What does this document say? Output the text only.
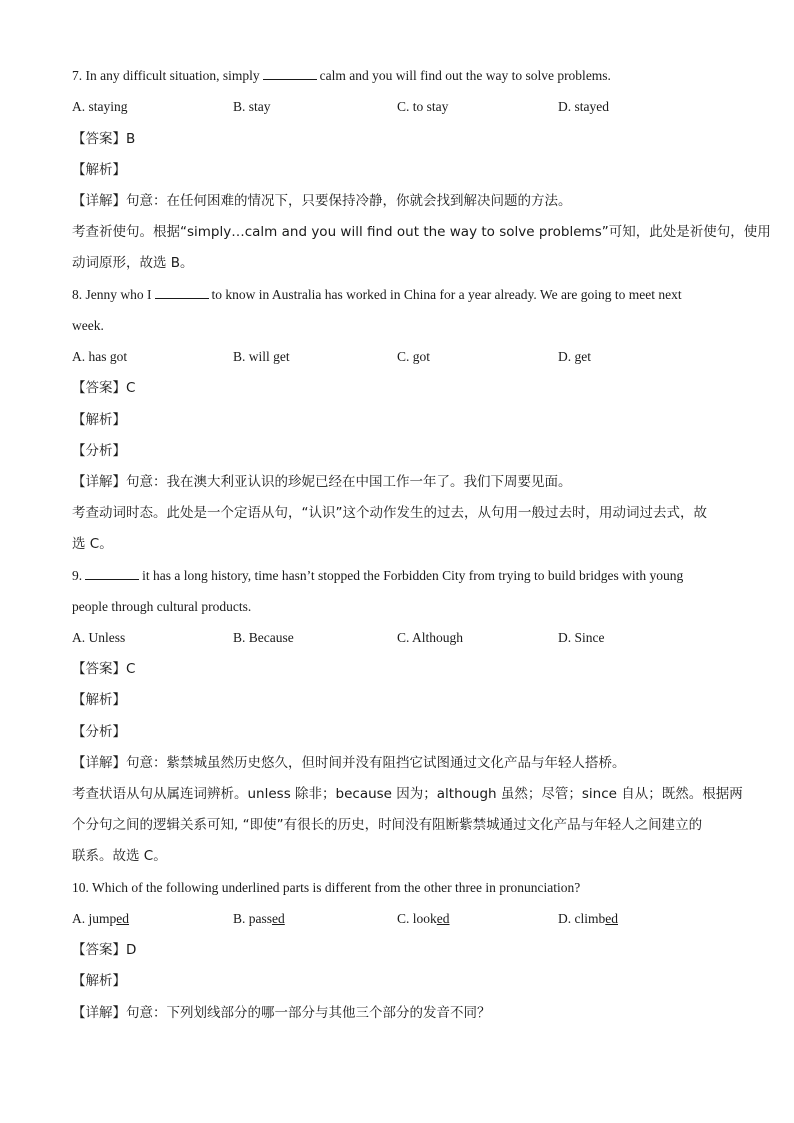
7. In any difficult situation, simply	calm and you will find out the way to solve problems.
A. staying	B. stay	C. to stay	D. stayed
【答案】B
【解析】
【详解】句意：在任何困难的情况下，只要保持冷静，你就会找到解决问题的方法。
考查祈使句。根据“simply…calm and you will find out the way to solve problems”可知，此处是祈使句，使用
动词原形，故选 B。
8. Jenny who I	to know in Australia has worked in China for a year already. We are going to meet next
week.
A. has got	B. will get	C. got	D. get
【答案】C
【解析】
【分析】
【详解】句意：我在澳大利亚认识的珍妮已经在中国工作一年了。我们下周要见面。
考查动词时态。此处是一个定语从句，“认识”这个动作发生的过去，从句用一般过去时，用动词过去式，故
选 C。
9.	it has a long history, time hasn’t stopped the Forbidden City from trying to build bridges with young
people through cultural products.
A. Unless	B. Because	C. Although	D. Since
【答案】C
【解析】
【分析】
【详解】句意：紫禁城虽然历史悠久，但时间并没有阻挡它试图通过文化产品与年轻人搭桥。
考查状语从句从属连词辨析。unless 除非；because 因为；although 虽然；尽管；since 自从；既然。根据两
个分句之间的逻辑关系可知, “即使”有很长的历史，时间没有阻断紫禁城通过文化产品与年轻人之间建立的
联系。故选 C。
10. Which of the following underlined parts is different from the other three in pronunciation?
A. jumped	B. passed	C. looked	D. climbed
【答案】D
【解析】
【详解】句意：下列划线部分的哪一部分与其他三个部分的发音不同？
